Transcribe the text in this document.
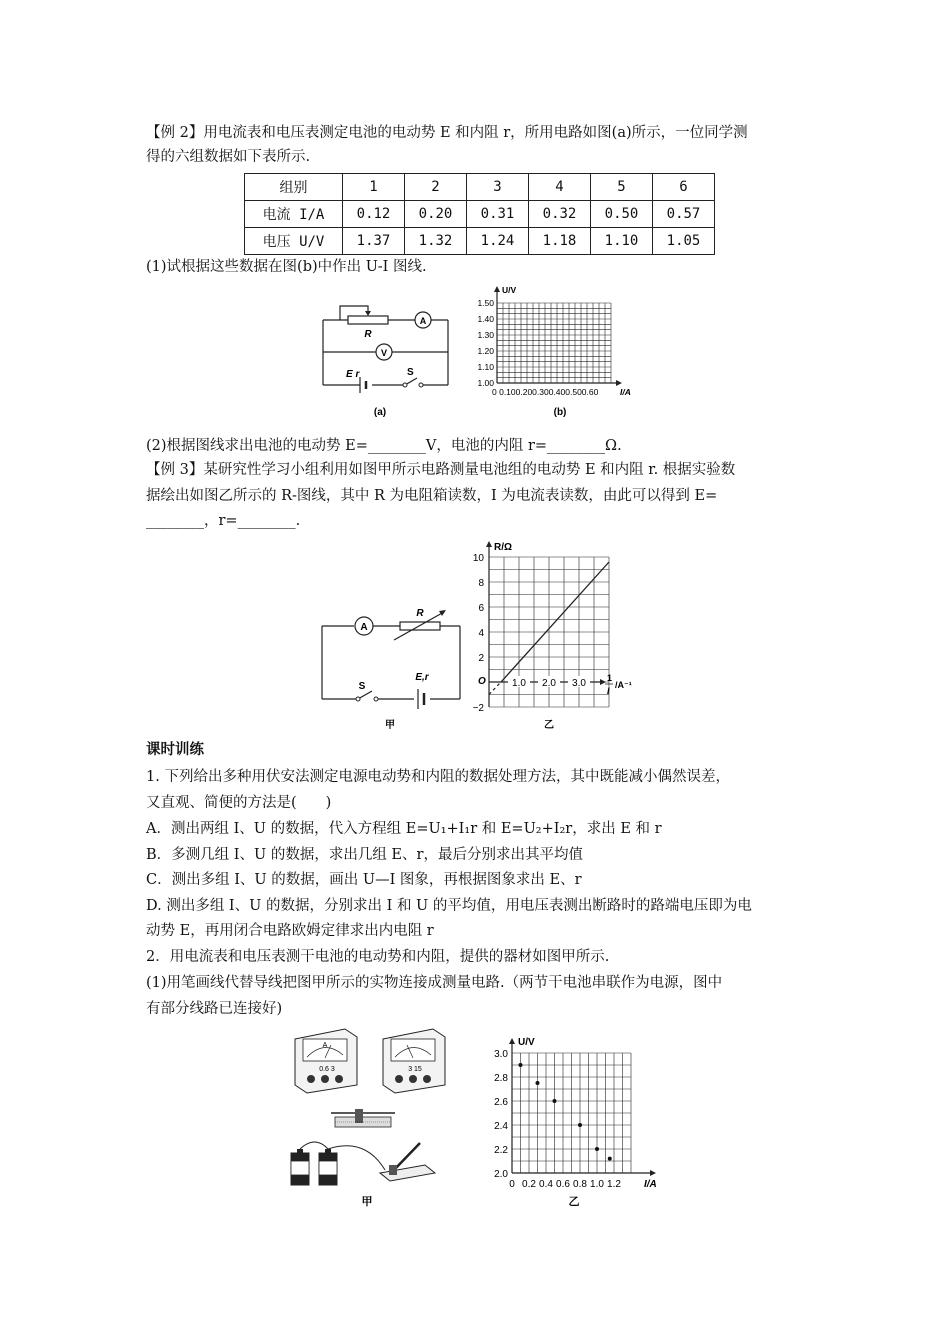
【例 2】用电流表和电压表测定电池的电动势 E 和内阻 r，所用电路如图(a)所示，一位同学测
得的六组数据如下表所示.
组别	1	2	3	4	5	6
电流 I/A	0.12	0.20	0.31	0.32	0.50	0.57
电压 U/V	1.37	1.32	1.24	1.18	1.10	1.05
(1)试根据这些数据在图(b)中作出 U-I 图线.
R
A
V
E r	S
(a)
U/V
1.50
1.40
1.30
1.20
1.10
1.00
0 0.100.200.300.400.500.60	I/A
(b)
(2)根据图线求出电池的电动势 E=________V，电池的内阻 r=________Ω.
【例 3】某研究性学习小组利用如图甲所示电路测量电池组的电动势 E 和内阻 r. 根据实验数
据绘出如图乙所示的 R-图线，其中 R 为电阻箱读数，I 为电流表读数，由此可以得到 E=
________，r=________.
A
R
S
E,r
甲
10
8
6
4
2
−2
1.0 2.0 3.0
R/Ω
O	1
I
/A⁻¹
乙
课时训练
1. 下列给出多种用伏安法测定电源电动势和内阻的数据处理方法，其中既能减小偶然误差，
又直观、简便的方法是(　　)
A．测出两组 I、U 的数据，代入方程组 E=U₁+I₁r 和 E=U₂+I₂r，求出 E 和 r
B．多测几组 I、U 的数据，求出几组 E、r，最后分别求出其平均值
C．测出多组 I、U 的数据，画出 U—I 图象，再根据图象求出 E、r
D. 测出多组 I、U 的数据，分别求出 I 和 U 的平均值，用电压表测出断路时的路端电压即为电
动势 E，再用闭合电路欧姆定律求出内电阻 r
2．用电流表和电压表测干电池的电动势和内阻，提供的器材如图甲所示.
(1)用笔画线代替导线把图甲所示的实物连接成测量电路.（两节干电池串联作为电源，图中
有部分线路已连接好)
A
0.6 3	3 15
甲
3.0
2.8
2.6
2.4
2.2
2.0
0 0.2 0.4 0.6 0.8 1.0 1.2
U/V
I/A
乙
